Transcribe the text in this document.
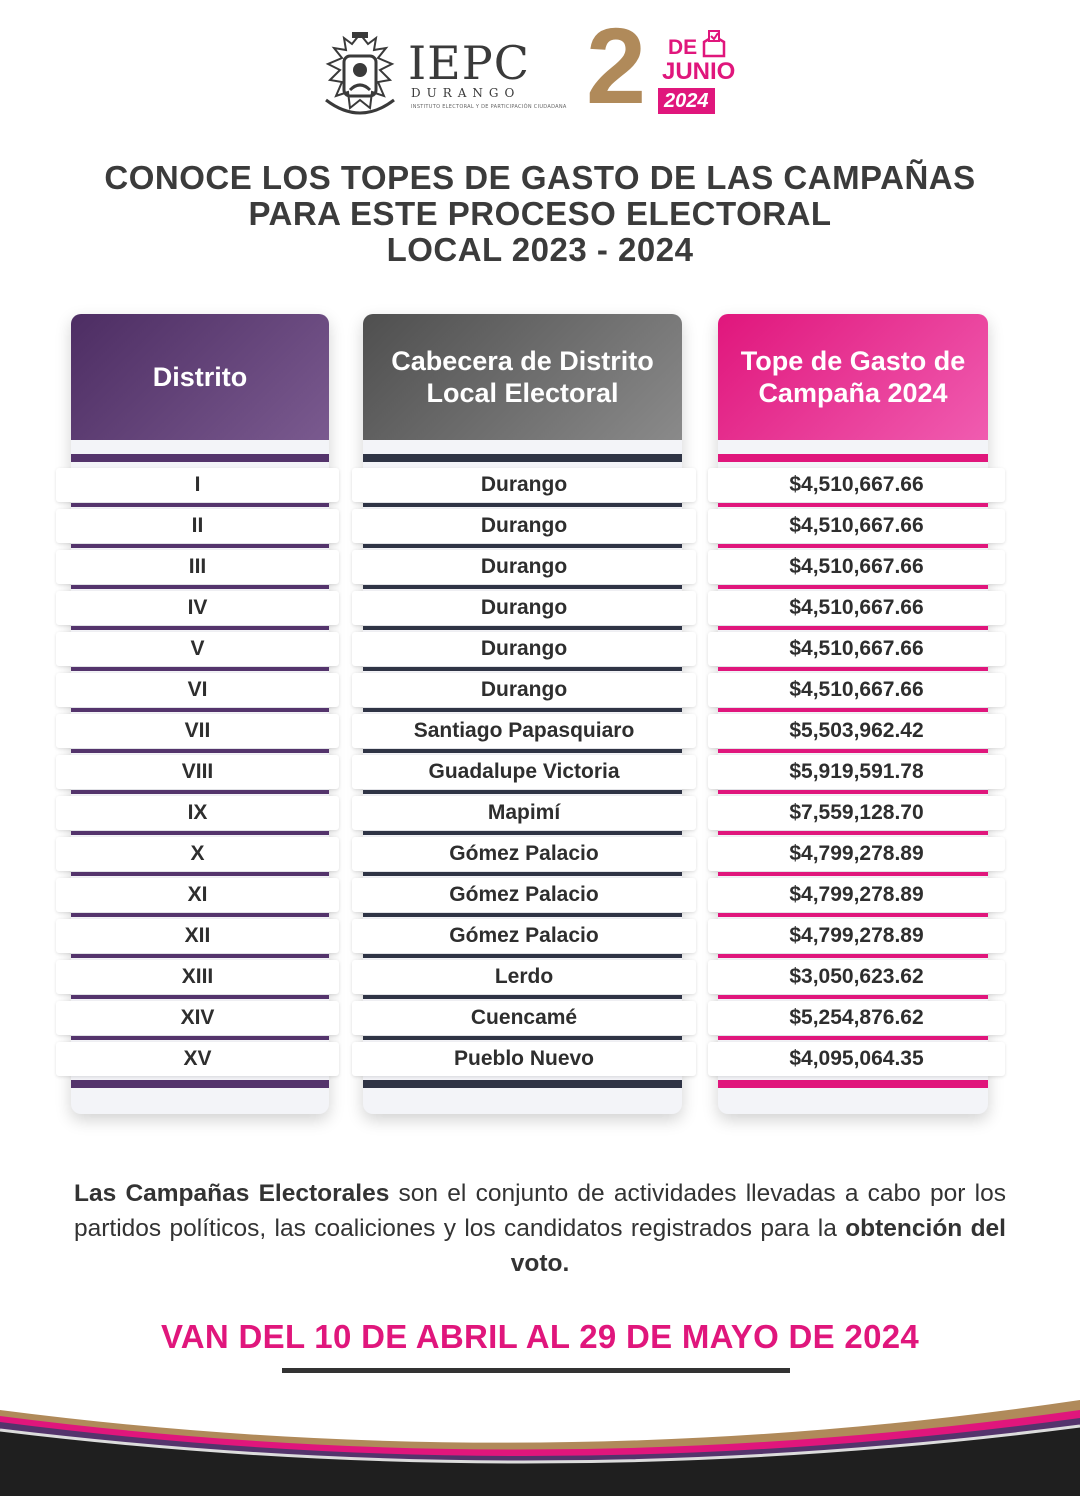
IEPC
DURANGO
INSTITUTO ELECTORAL Y DE PARTICIPACIÓN CIUDADANA 2 DE
JUNIO
2024
CONOCE LOS TOPES DE GASTO DE LAS CAMPAÑAS
PARA ESTE PROCESO ELECTORAL
LOCAL 2023 - 2024
Distrito
Cabecera de Distrito Local Electoral
Tope de Gasto de Campaña 2024
I	Durango	$4,510,667.66
II	Durango	$4,510,667.66
III	Durango	$4,510,667.66
IV	Durango	$4,510,667.66
V	Durango	$4,510,667.66
VI	Durango	$4,510,667.66
VII	Santiago Papasquiaro	$5,503,962.42
VIII	Guadalupe Victoria	$5,919,591.78
IX	Mapimí	$7,559,128.70
X	Gómez Palacio	$4,799,278.89
XI	Gómez Palacio	$4,799,278.89
XII	Gómez Palacio	$4,799,278.89
XIII	Lerdo	$3,050,623.62
XIV	Cuencamé	$5,254,876.62
XV	Pueblo Nuevo	$4,095,064.35
Las Campañas Electorales son el conjunto de actividades llevadas a cabo por los partidos políticos, las coaliciones y los candidatos registrados para la obtención del voto.
VAN DEL 10 DE ABRIL AL 29 DE MAYO DE 2024
